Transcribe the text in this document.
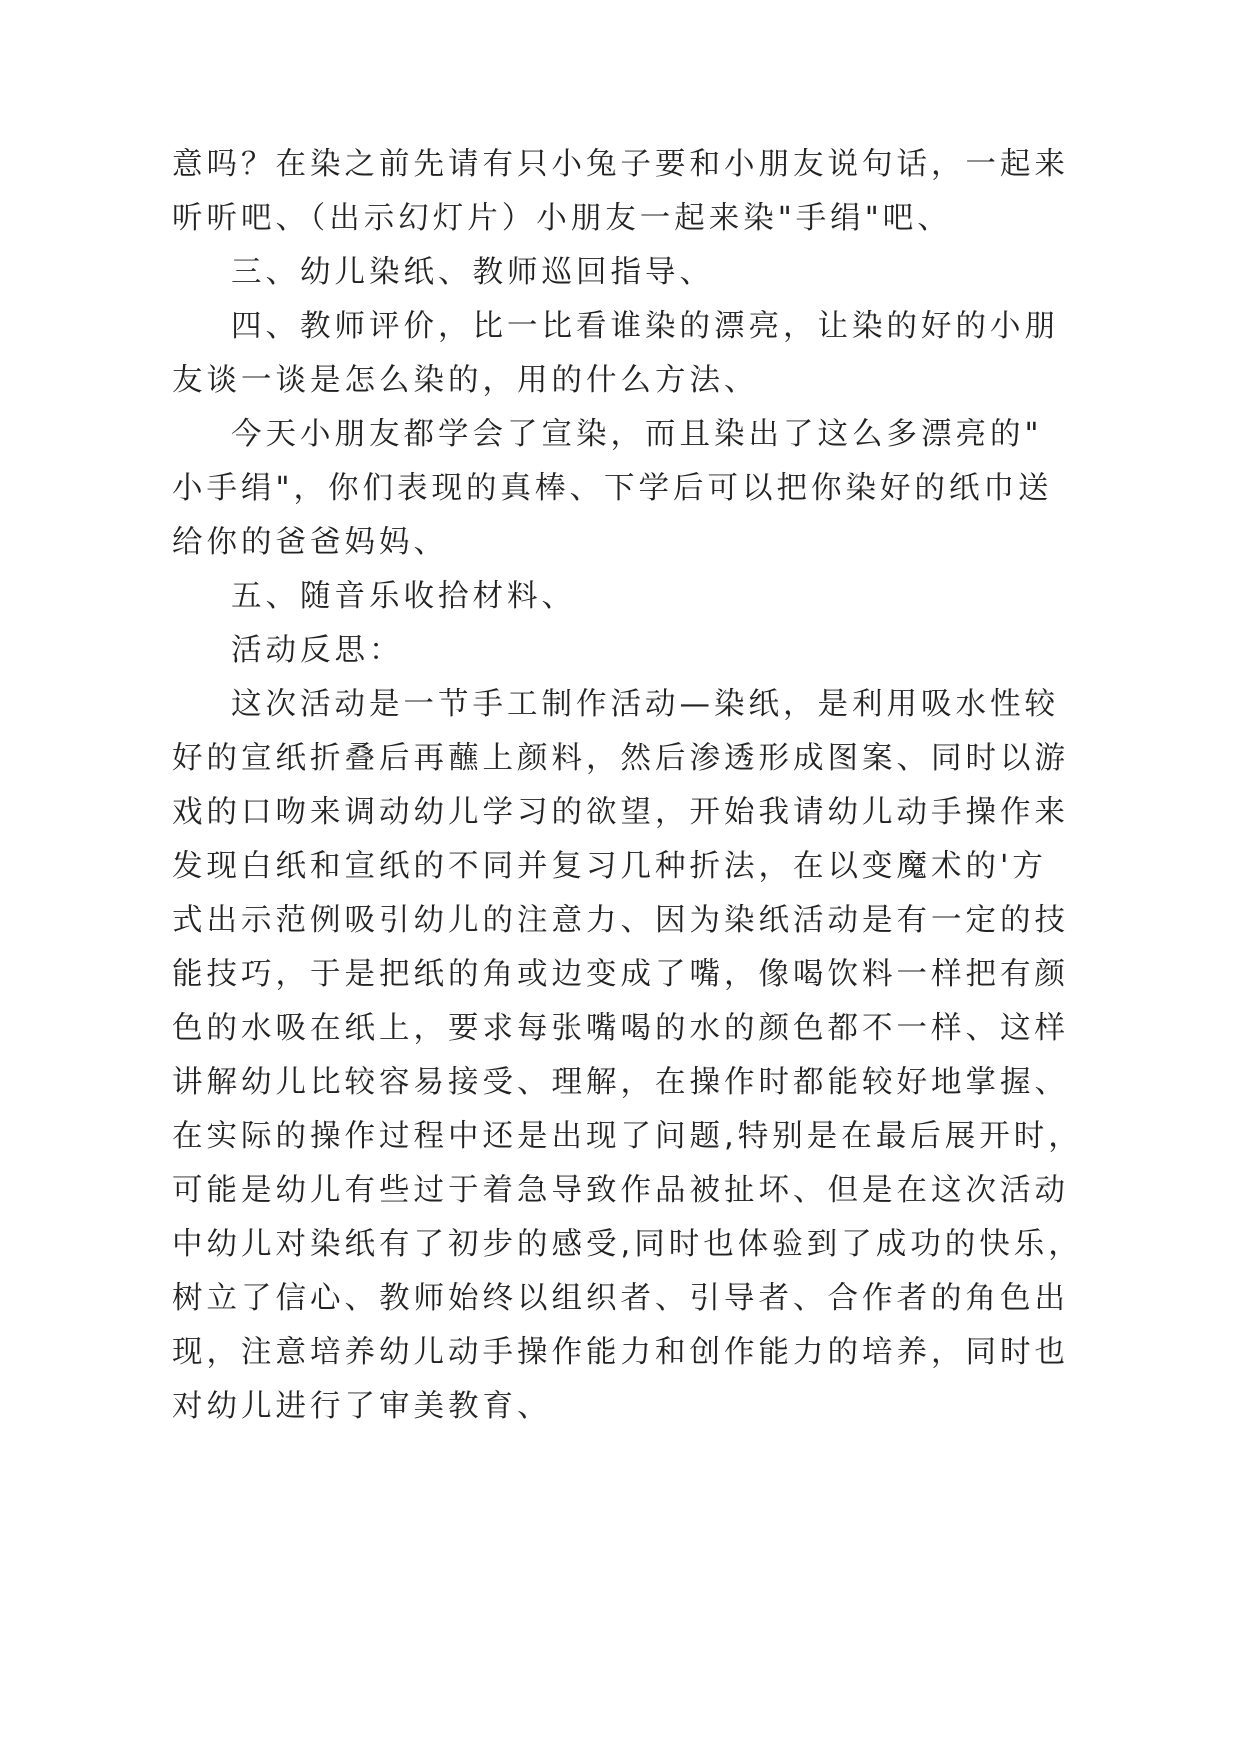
意吗？在染之前先请有只小兔子要和小朋友说句话，一起来
听听吧、（出示幻灯片）小朋友一起来染"手绢"吧、
三、幼儿染纸、教师巡回指导、
四、教师评价，比一比看谁染的漂亮，让染的好的小朋
友谈一谈是怎么染的，用的什么方法、
今天小朋友都学会了宣染，而且染出了这么多漂亮的"
小手绢"，你们表现的真棒、下学后可以把你染好的纸巾送
给你的爸爸妈妈、
五、随音乐收拾材料、
活动反思：
这次活动是一节手工制作活动—染纸，是利用吸水性较
好的宣纸折叠后再蘸上颜料，然后渗透形成图案、同时以游
戏的口吻来调动幼儿学习的欲望，开始我请幼儿动手操作来
发现白纸和宣纸的不同并复习几种折法，在以变魔术的'方
式出示范例吸引幼儿的注意力、因为染纸活动是有一定的技
能技巧，于是把纸的角或边变成了嘴，像喝饮料一样把有颜
色的水吸在纸上，要求每张嘴喝的水的颜色都不一样、这样
讲解幼儿比较容易接受、理解，在操作时都能较好地掌握、
在实际的操作过程中还是出现了问题,特别是在最后展开时，
可能是幼儿有些过于着急导致作品被扯坏、但是在这次活动
中幼儿对染纸有了初步的感受,同时也体验到了成功的快乐，
树立了信心、教师始终以组织者、引导者、合作者的角色出
现，注意培养幼儿动手操作能力和创作能力的培养，同时也
对幼儿进行了审美教育、
